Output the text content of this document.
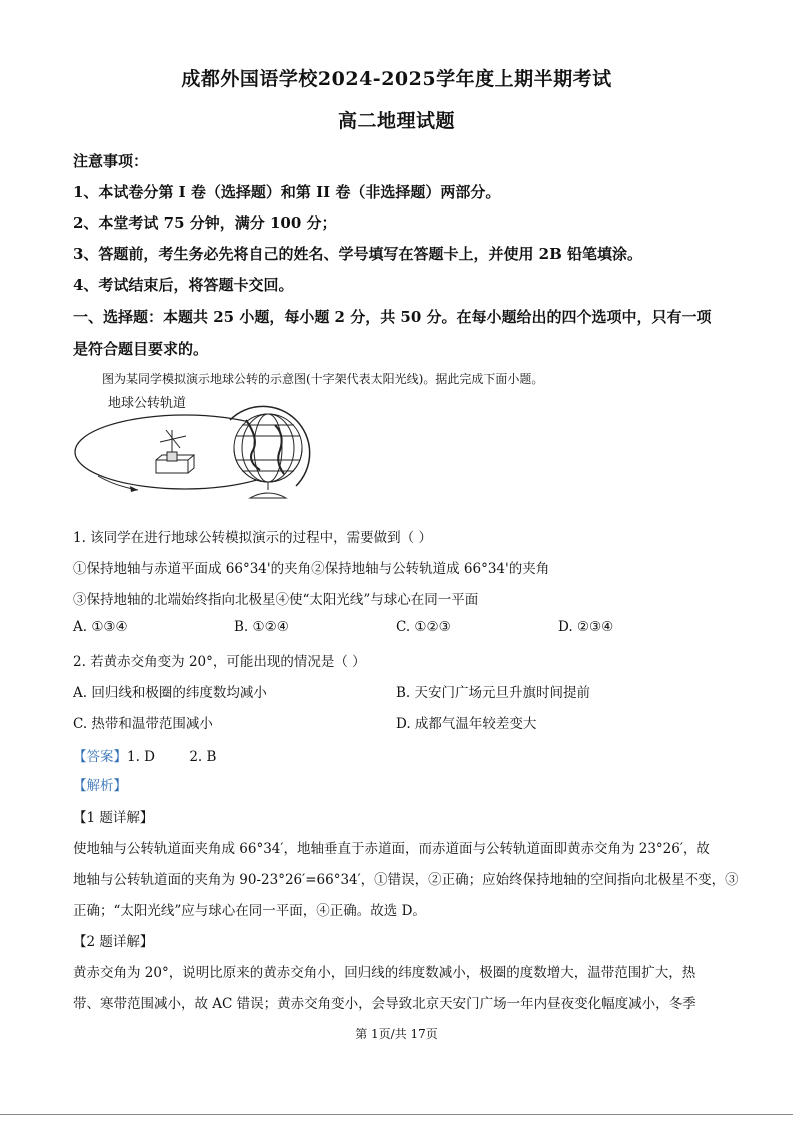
成都外国语学校2024-2025学年度上期半期考试
高二地理试题
注意事项：
1、本试卷分第 I 卷（选择题）和第 II 卷（非选择题）两部分。
2、本堂考试 75 分钟，满分 100 分；
3、答题前，考生务必先将自己的姓名、学号填写在答题卡上，并使用 2B 铅笔填涂。
4、考试结束后，将答题卡交回。
一、选择题：本题共 25 小题，每小题 2 分，共 50 分。在每小题给出的四个选项中，只有一项
是符合题目要求的。
图为某同学模拟演示地球公转的示意图(十字架代表太阳光线)。据此完成下面小题。
地球公转轨道
1. 该同学在进行地球公转模拟演示的过程中，需要做到（ ）
①保持地轴与赤道平面成 66°34'的夹角②保持地轴与公转轨道成 66°34'的夹角
③保持地轴的北端始终指向北极星④使“太阳光线”与球心在同一平面
A. ①③④	B. ①②④	C. ①②③	D. ②③④
2. 若黄赤交角变为 20°，可能出现的情况是（ ）
A. 回归线和极圈的纬度数均减小	B. 天安门广场元旦升旗时间提前
C. 热带和温带范围减小	D. 成都气温年较差变大
【答案】1. D        2. B
【解析】
【1 题详解】
使地轴与公转轨道面夹角成 66°34′，地轴垂直于赤道面，而赤道面与公转轨道面即黄赤交角为 23°26′，故
地轴与公转轨道面的夹角为 90-23°26′=66°34′，①错误，②正确；应始终保持地轴的空间指向北极星不变，③
正确；“太阳光线”应与球心在同一平面，④正确。故选 D。
【2 题详解】
黄赤交角为 20°，说明比原来的黄赤交角小，回归线的纬度数减小，极圈的度数增大，温带范围扩大，热
带、寒带范围减小，故 AC 错误；黄赤交角变小，会导致北京天安门广场一年内昼夜变化幅度减小，冬季
第 1页/共 17页
